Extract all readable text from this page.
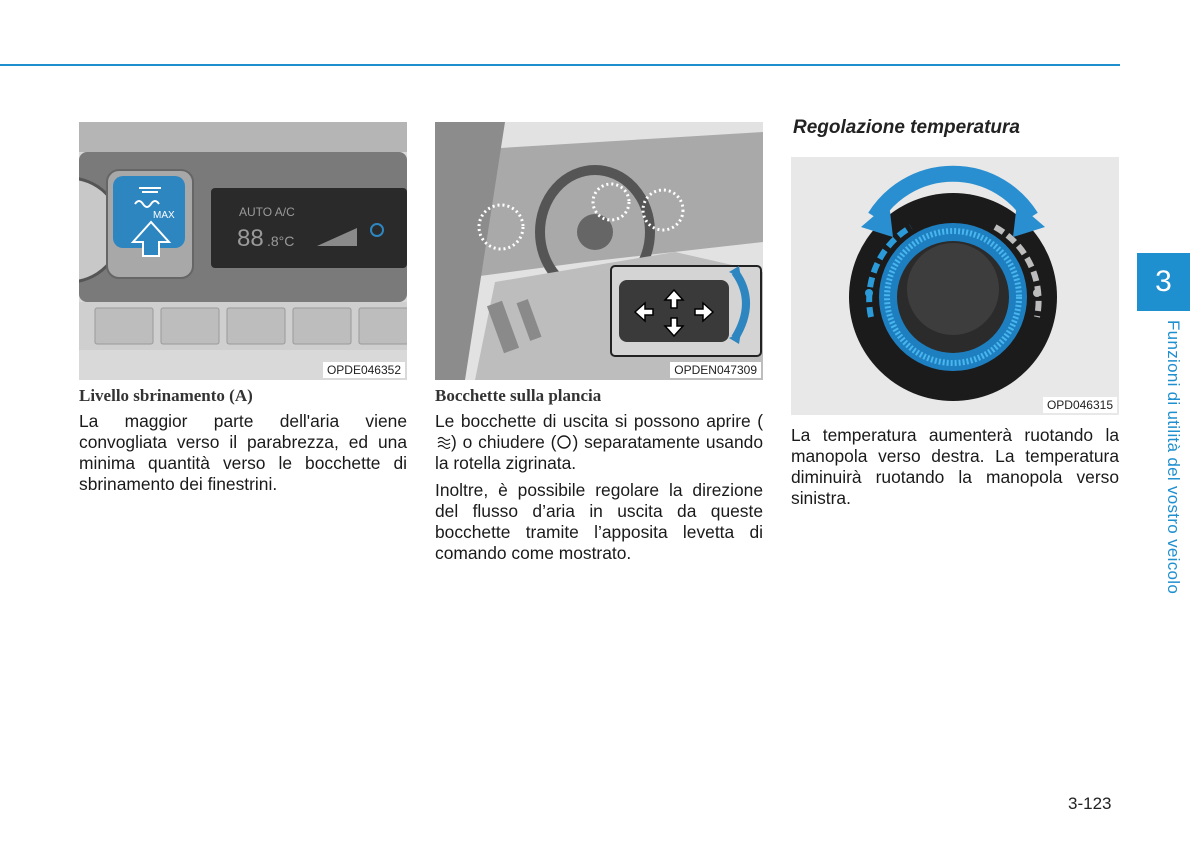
MAX	AUTO A/C
88 .8°C
OPDE046352
Livello sbrinamento (A)

La maggior parte dell'aria viene convogliata verso il parabrezza, ed una minima quantità verso le bocchette di sbrinamento dei finestrini.

OPDEN047309
Bocchette sulla plancia

Le bocchette di uscita si possono aprire () o chiudere ( ) separatamente usando la rotella zigrinata.

Inoltre, è possibile regolare la direzione del flusso d’aria in uscita da queste bocchette tramite l’apposita levetta di comando come mostrato.

Regolazione temperatura
OPD046315

La temperatura aumenterà ruotando la manopola verso destra. La temperatura diminuirà ruotando la manopola verso sinistra.

3
Funzioni di utilità del vostro veicolo
3-123
